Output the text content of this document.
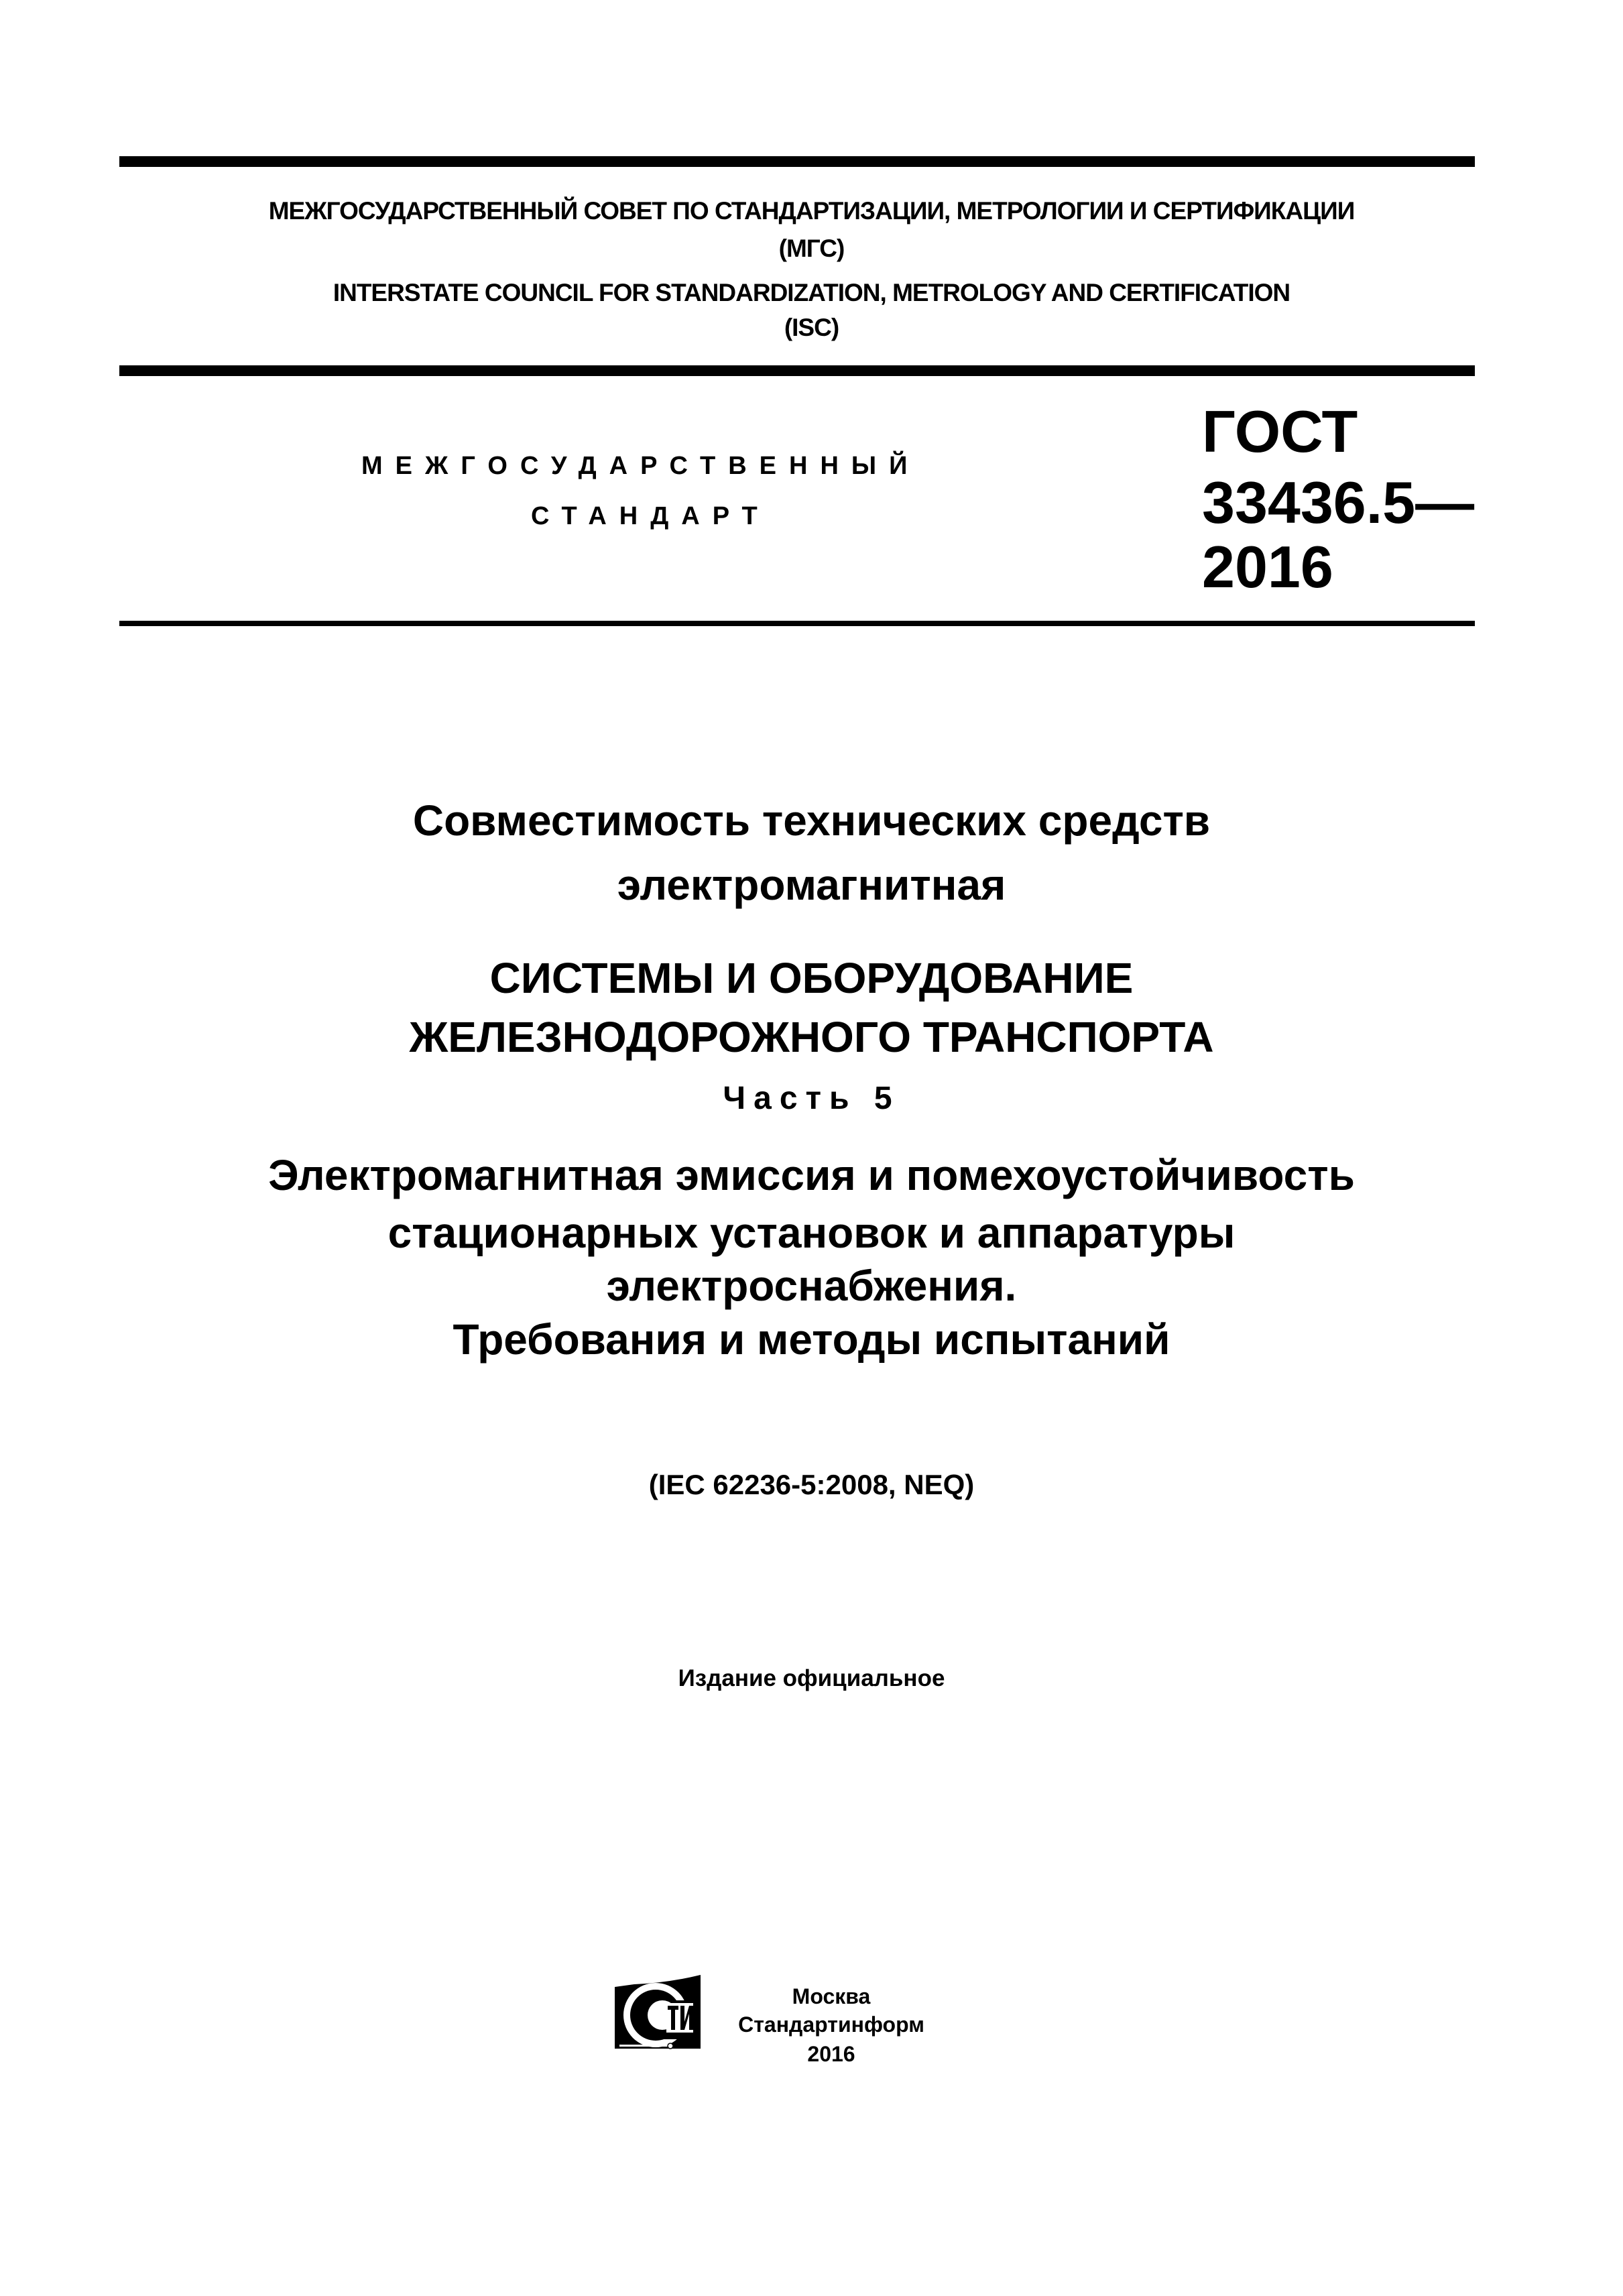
МЕЖГОСУДАРСТВЕННЫЙ СОВЕТ ПО СТАНДАРТИЗАЦИИ, МЕТРОЛОГИИ И СЕРТИФИКАЦИИ
(МГС)
INTERSTATE COUNCIL FOR STANDARDIZATION, METROLOGY AND CERTIFICATION
(ISC)
МЕЖГОСУДАРСТВЕННЫЙ
СТАНДАРТ
ГОСТ
33436.5—
2016
Совместимость технических средств
электромагнитная
СИСТЕМЫ И ОБОРУДОВАНИЕ
ЖЕЛЕЗНОДОРОЖНОГО ТРАНСПОРТА
Часть 5
Электромагнитная эмиссия и помехоустойчивость
стационарных установок и аппаратуры
электроснабжения.
Требования и методы испытаний
(IEC 62236-5:2008, NEQ)
Издание официальное
Москва
Стандартинформ
2016
